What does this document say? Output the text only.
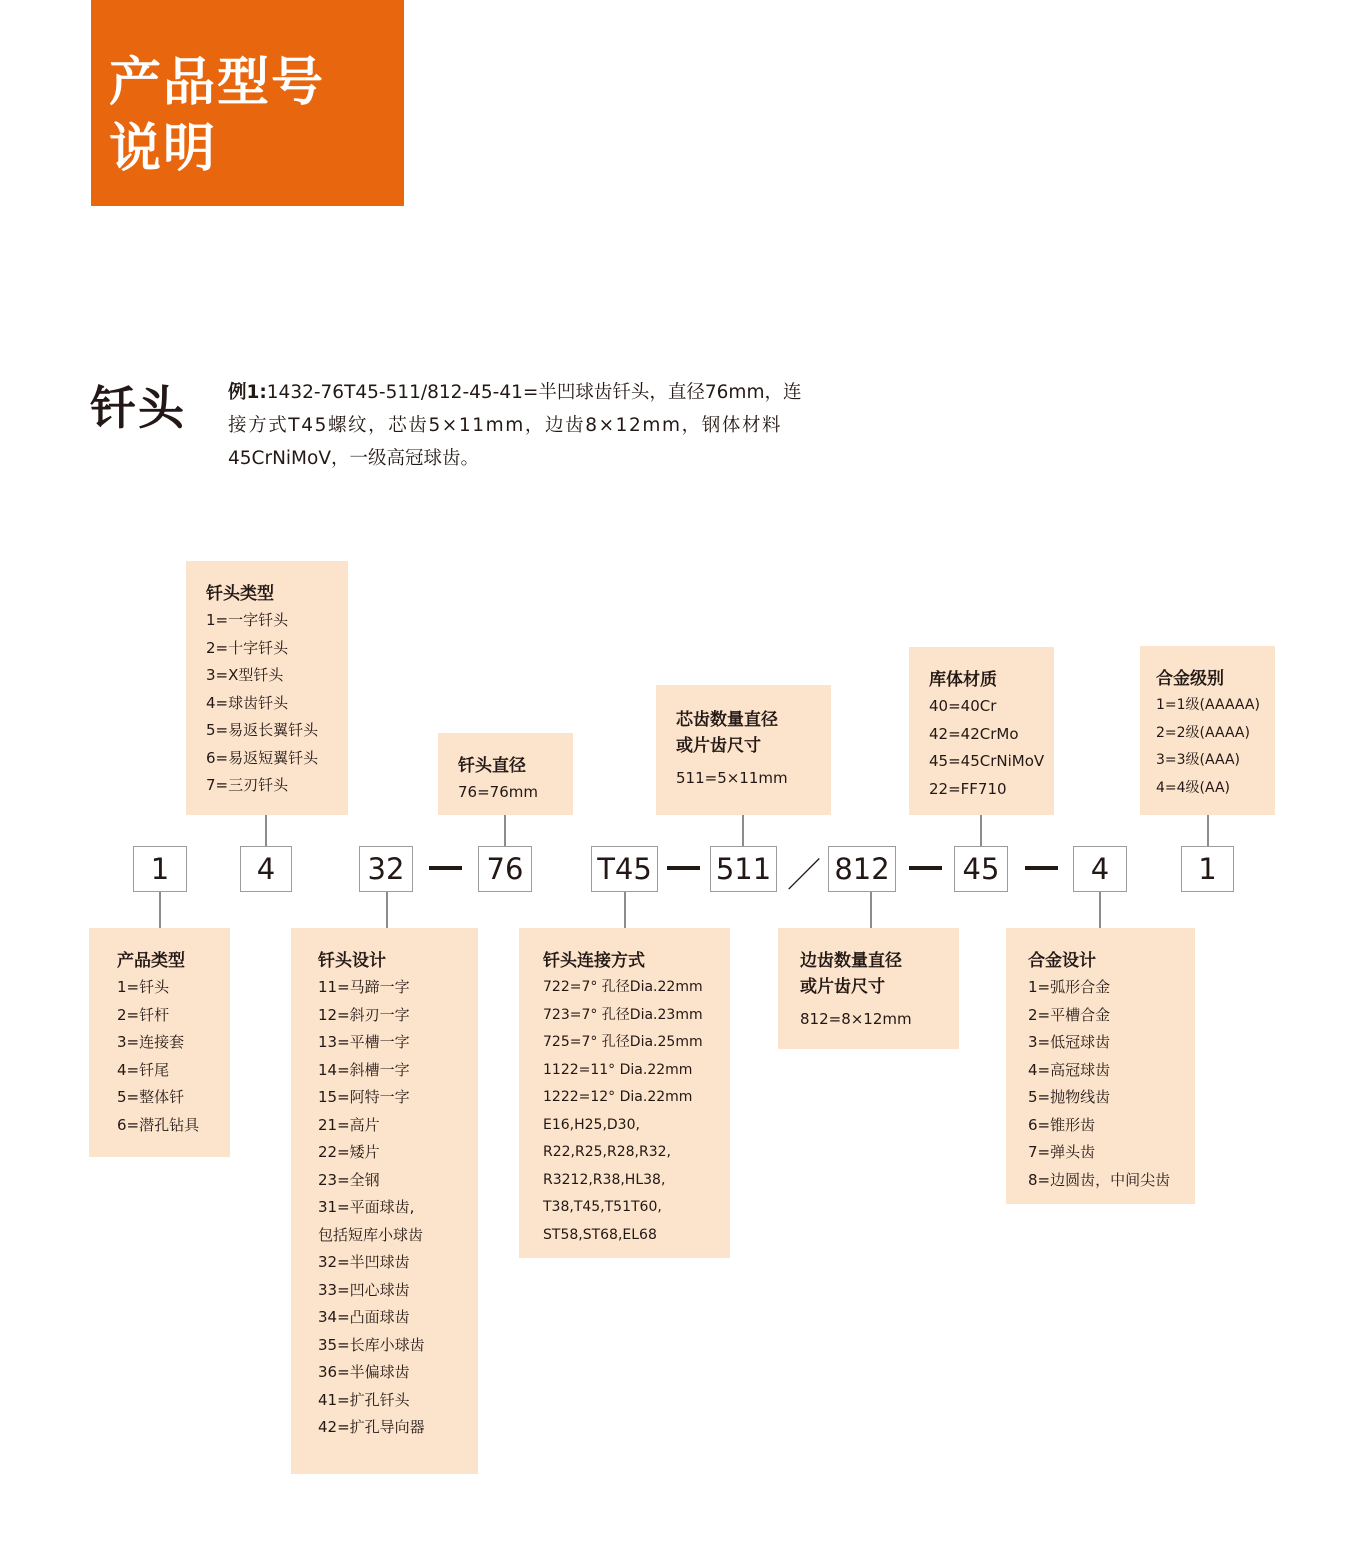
产品型号
说明
钎头 例1:1432-76T45-511/812-45-41=半凹球齿钎头，直径76mm，连
接方式T45螺纹，芯齿5×11mm，边齿8×12mm，钢体材料
45CrNiMoV，一级高冠球齿。
钎头类型
1=一字钎头
2=十字钎头
3=X型钎头
4=球齿钎头
5=易返长翼钎头
6=易返短翼钎头
7=三刃钎头
钎头直径
76=76mm
芯齿数量直径
或片齿尺寸
511=5×11mm
库体材质
40=40Cr
42=42CrMo
45=45CrNiMoV
22=FF710
合金级别
1=1级(AAAAA)
2=2级(AAAA)
3=3级(AAA)
4=4级(AA)
1	4	32	76	T45 511 ／ 812	45	4	1
产品类型
1=钎头
2=钎杆
3=连接套
4=钎尾
5=整体钎
6=潜孔钻具
钎头设计
11=马蹄一字
12=斜刃一字
13=平槽一字
14=斜槽一字
15=阿特一字
21=高片
22=矮片
23=全钢
31=平面球齿,
包括短库小球齿
32=半凹球齿
33=凹心球齿
34=凸面球齿
35=长库小球齿
36=半偏球齿
41=扩孔钎头
42=扩孔导向器
钎头连接方式
722=7° 孔径Dia.22mm
723=7° 孔径Dia.23mm
725=7° 孔径Dia.25mm
1122=11° Dia.22mm
1222=12° Dia.22mm
E16,H25,D30,
R22,R25,R28,R32,
R3212,R38,HL38,
T38,T45,T51T60,
ST58,ST68,EL68
边齿数量直径
或片齿尺寸
812=8×12mm
合金设计
1=弧形合金
2=平槽合金
3=低冠球齿
4=高冠球齿
5=抛物线齿
6=锥形齿
7=弹头齿
8=边圆齿，中间尖齿
